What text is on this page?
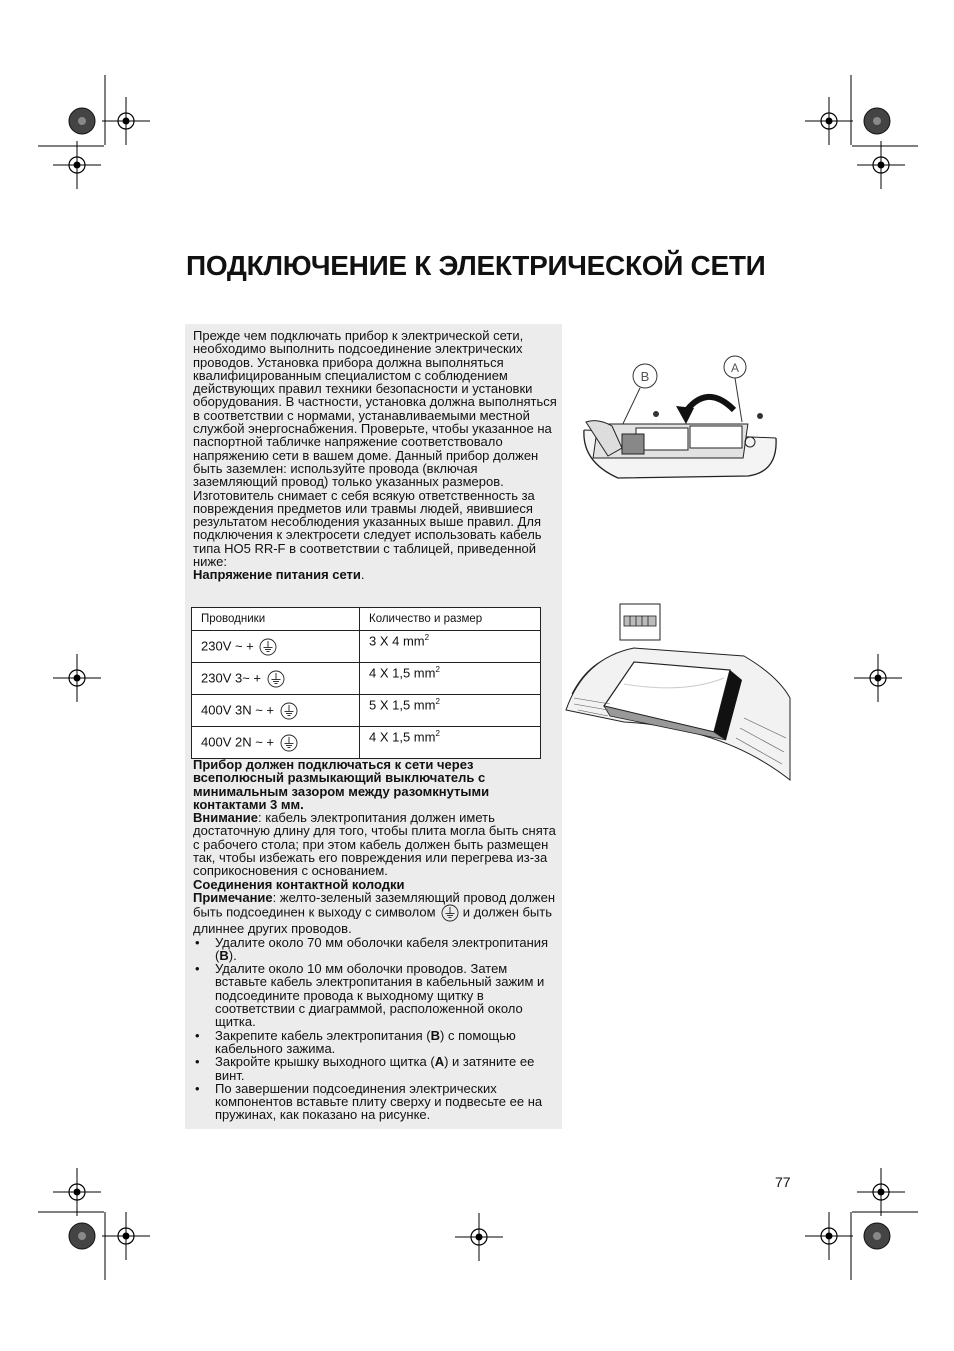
ПОДКЛЮЧЕНИЕ К ЭЛЕКТРИЧЕСКОЙ СЕТИ

Прежде чем подключать прибор к электрической сети, необходимо выполнить подсоединение электрических проводов. Установка прибора должна выполняться квалифицированным специалистом с соблюдением действующих правил техники безопасности и установки оборудования. В частности, установка должна выполняться в соответствии с нормами, устанавливаемыми местной службой энергоснабжения. Проверьте, чтобы указанное на паспортной табличке напряжение соответствовало напряжению сети в вашем доме. Данный прибор должен быть заземлен: используйте провода (включая заземляющий провод) только указанных размеров. Изготовитель снимает с себя всякую ответственность за повреждения предметов или травмы людей, явившиеся результатом несоблюдения указанных выше правил. Для подключения к электросети следует использовать кабель типа HO5 RR-F в соответствии с таблицей, приведенной ниже:

Напряжение питания сети.

Проводники	Количество и размер
230V ~ +	3 X 4 $mm^2$
230V 3~ +	4 X 1,5 $mm^2$
400V 3N ~ +	5 X 1,5 $mm^2$
400V 2N ~ +	4 X 1,5 $mm^2$

Прибор должен подключаться к сети через всеполюсный размыкающий выключатель с минимальным зазором между разомкнутыми контактами 3 мм.

Внимание: кабель электропитания должен иметь достаточную длину для того, чтобы плита могла быть снята с рабочего стола; при этом кабель должен быть размещен так, чтобы избежать его повреждения или перегрева из-за соприкосновения с основанием.

Соединения контактной колодки

Примечание: желто-зеленый заземляющий провод должен быть подсоединен к выходу с символом и должен быть длиннее других проводов.

• Удалите около 70 мм оболочки кабеля электропитания (B).
• Удалите около 10 мм оболочки проводов. Затем вставьте кабель электропитания в кабельный зажим и подсоедините провода к выходному щитку в соответствии с диаграммой, расположенной около щитка.
• Закрепите кабель электропитания (B) с помощью кабельного зажима.
• Закройте крышку выходного щитка (A) и затяните ее винт.
• По завершении подсоединения электрических компонентов вставьте плиту сверху и подвесьте ее на пружинах, как показано на рисунке.
B
A
77
